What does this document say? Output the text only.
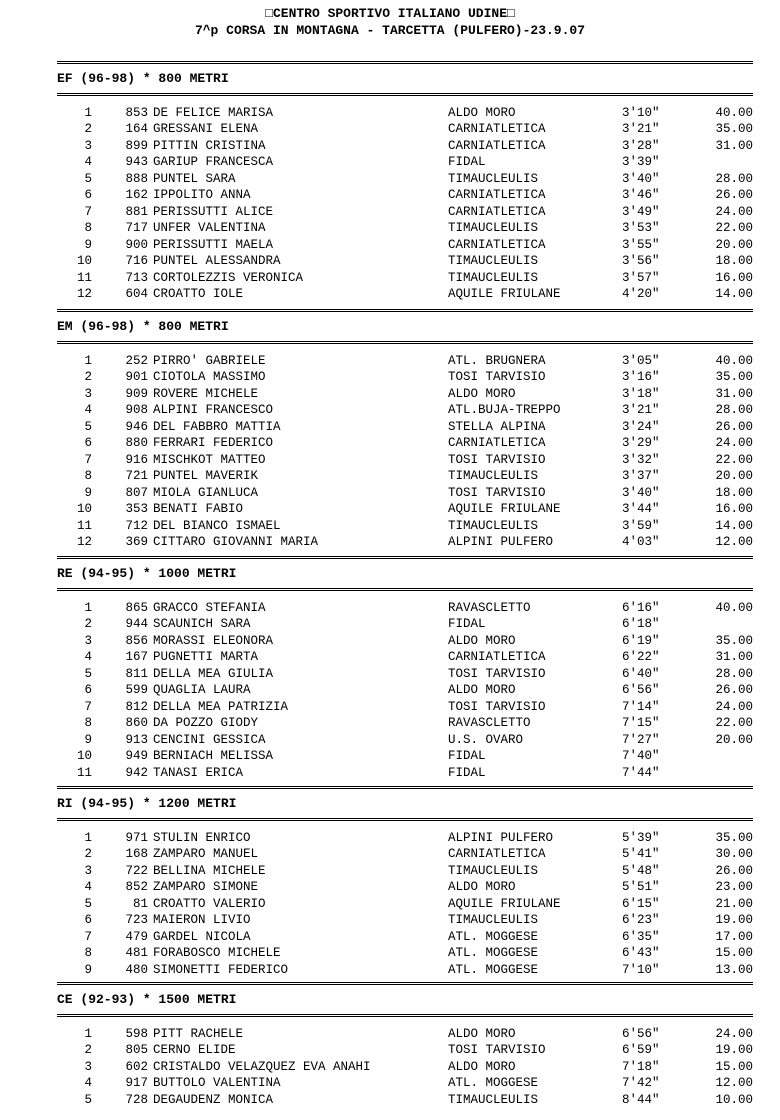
□CENTRO SPORTIVO ITALIANO UDINE□
7^p CORSA IN MONTAGNA - TARCETTA (PULFERO)-23.9.07
EF (96-98) * 800 METRI
1	853 DE FELICE MARISA	ALDO MORO	3'10"	40.00
2	164 GRESSANI ELENA	CARNIATLETICA	3'21"	35.00
3	899 PITTIN CRISTINA	CARNIATLETICA	3'28"	31.00
4	943 GARIUP FRANCESCA	FIDAL	3'39"
5	888 PUNTEL SARA	TIMAUCLEULIS	3'40"	28.00
6	162 IPPOLITO ANNA	CARNIATLETICA	3'46"	26.00
7	881 PERISSUTTI ALICE	CARNIATLETICA	3'49"	24.00
8	717 UNFER VALENTINA	TIMAUCLEULIS	3'53"	22.00
9	900 PERISSUTTI MAELA	CARNIATLETICA	3'55"	20.00
10	716 PUNTEL ALESSANDRA	TIMAUCLEULIS	3'56"	18.00
11	713 CORTOLEZZIS VERONICA	TIMAUCLEULIS	3'57"	16.00
12	604 CROATTO IOLE	AQUILE FRIULANE	4'20"	14.00
EM (96-98) * 800 METRI
1	252 PIRRO' GABRIELE	ATL. BRUGNERA	3'05"	40.00
2	901 CIOTOLA MASSIMO	TOSI TARVISIO	3'16"	35.00
3	909 ROVERE MICHELE	ALDO MORO	3'18"	31.00
4	908 ALPINI FRANCESCO	ATL.BUJA-TREPPO	3'21"	28.00
5	946 DEL FABBRO MATTIA	STELLA ALPINA	3'24"	26.00
6	880 FERRARI FEDERICO	CARNIATLETICA	3'29"	24.00
7	916 MISCHKOT MATTEO	TOSI TARVISIO	3'32"	22.00
8	721 PUNTEL MAVERIK	TIMAUCLEULIS	3'37"	20.00
9	807 MIOLA GIANLUCA	TOSI TARVISIO	3'40"	18.00
10	353 BENATI FABIO	AQUILE FRIULANE	3'44"	16.00
11	712 DEL BIANCO ISMAEL	TIMAUCLEULIS	3'59"	14.00
12	369 CITTARO GIOVANNI MARIA	ALPINI PULFERO	4'03"	12.00
RE (94-95) * 1000 METRI
1	865 GRACCO STEFANIA	RAVASCLETTO	6'16"	40.00
2	944 SCAUNICH SARA	FIDAL	6'18"
3	856 MORASSI ELEONORA	ALDO MORO	6'19"	35.00
4	167 PUGNETTI MARTA	CARNIATLETICA	6'22"	31.00
5	811 DELLA MEA GIULIA	TOSI TARVISIO	6'40"	28.00
6	599 QUAGLIA LAURA	ALDO MORO	6'56"	26.00
7	812 DELLA MEA PATRIZIA	TOSI TARVISIO	7'14"	24.00
8	860 DA POZZO GIODY	RAVASCLETTO	7'15"	22.00
9	913 CENCINI GESSICA	U.S. OVARO	7'27"	20.00
10	949 BERNIACH MELISSA	FIDAL	7'40"
11	942 TANASI ERICA	FIDAL	7'44"
RI (94-95) * 1200 METRI
1	971 STULIN ENRICO	ALPINI PULFERO	5'39"	35.00
2	168 ZAMPARO MANUEL	CARNIATLETICA	5'41"	30.00
3	722 BELLINA MICHELE	TIMAUCLEULIS	5'48"	26.00
4	852 ZAMPARO SIMONE	ALDO MORO	5'51"	23.00
5	81 CROATTO VALERIO	AQUILE FRIULANE	6'15"	21.00
6	723 MAIERON LIVIO	TIMAUCLEULIS	6'23"	19.00
7	479 GARDEL NICOLA	ATL. MOGGESE	6'35"	17.00
8	481 FORABOSCO MICHELE	ATL. MOGGESE	6'43"	15.00
9	480 SIMONETTI FEDERICO	ATL. MOGGESE	7'10"	13.00
CE (92-93) * 1500 METRI
1	598 PITT RACHELE	ALDO MORO	6'56"	24.00
2	805 CERNO ELIDE	TOSI TARVISIO	6'59"	19.00
3	602 CRISTALDO VELAZQUEZ EVA ANAHI	ALDO MORO	7'18"	15.00
4	917 BUTTOLO VALENTINA	ATL. MOGGESE	7'42"	12.00
5	728 DEGAUDENZ MONICA	TIMAUCLEULIS	8'44"	10.00
